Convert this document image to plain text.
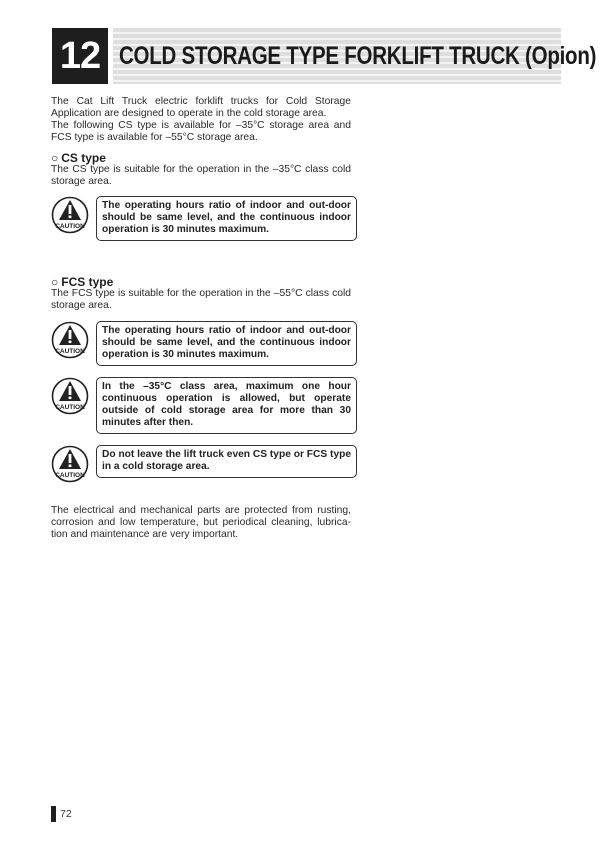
12 COLD STORAGE TYPE FORKLIFT TRUCK (Opion)
The Cat Lift Truck electric forklift trucks for Cold Storage Application are designed to operate in the cold storage area.
The following CS type is available for –35°C storage area and FCS type is available for –55°C storage area.
○ CS type
The CS type is suitable for the operation in the –35°C class cold storage area.
CAUTION
The operating hours ratio of indoor and out-door should be same level, and the continuous indoor operation is 30 minutes maximum.
○ FCS type
The FCS type is suitable for the operation in the –55°C class cold storage area.
CAUTION
The operating hours ratio of indoor and out-door should be same level, and the continuous indoor operation is 30 minutes maximum.
CAUTION
In the –35°C class area, maximum one hour continuous operation is allowed, but operate outside of cold storage area for more than 30 minutes after then.
CAUTION
Do not leave the lift truck even CS type or FCS type in a cold storage area.
The electrical and mechanical parts are protected from rusting, corrosion and low temperature, but periodical cleaning, lubrica-tion and maintenance are very important.
72
